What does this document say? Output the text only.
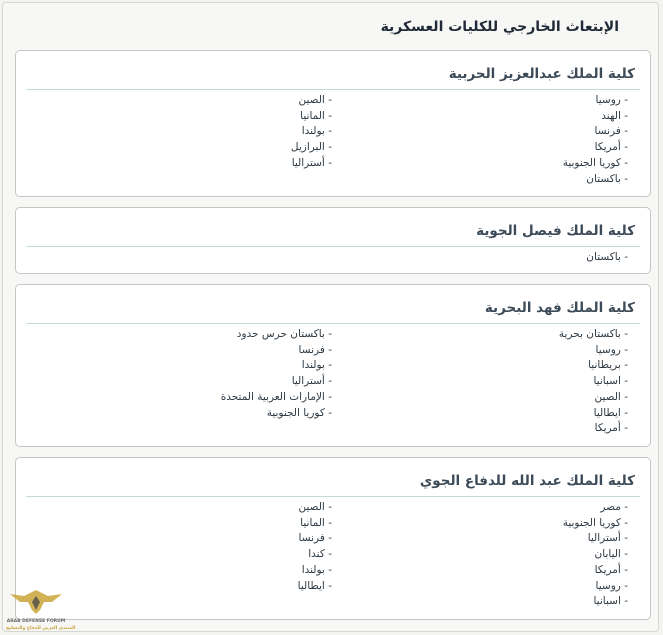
الإبتعاث الخارجي للكليات العسكرية
كلية الملك عبدالعزيز الحربية
- روسيا
- الهند
- فرنسا
- أمريكا
- كوريا الجنوبية
- باكستان
- الصين
- المانيا
- بولندا
- البرازيل
- أستراليا
كلية الملك فيصل الجوية
- باكستان
كلية الملك فهد البحرية
- باكستان بحرية
- روسيا
- بريطانيا
- اسبانيا
- الصين
- ايطاليا
- أمريكا
- باكستان حرس حدود
- فرنسا
- بولندا
- أستراليا
- الإمارات العربية المتحدة
- كوريا الجنوبية
كلية الملك عبد الله للدفاع الجوي
- مصر
- كوريا الجنوبية
- أستراليا
- اليابان
- أمريكا
- روسيا
- اسبانيا
- الصين
- المانيا
- فرنسا
- كندا
- بولندا
- ايطاليا
ARAB DEFENSE FORUM
المنتدى العربي للدفاع والتسليح
